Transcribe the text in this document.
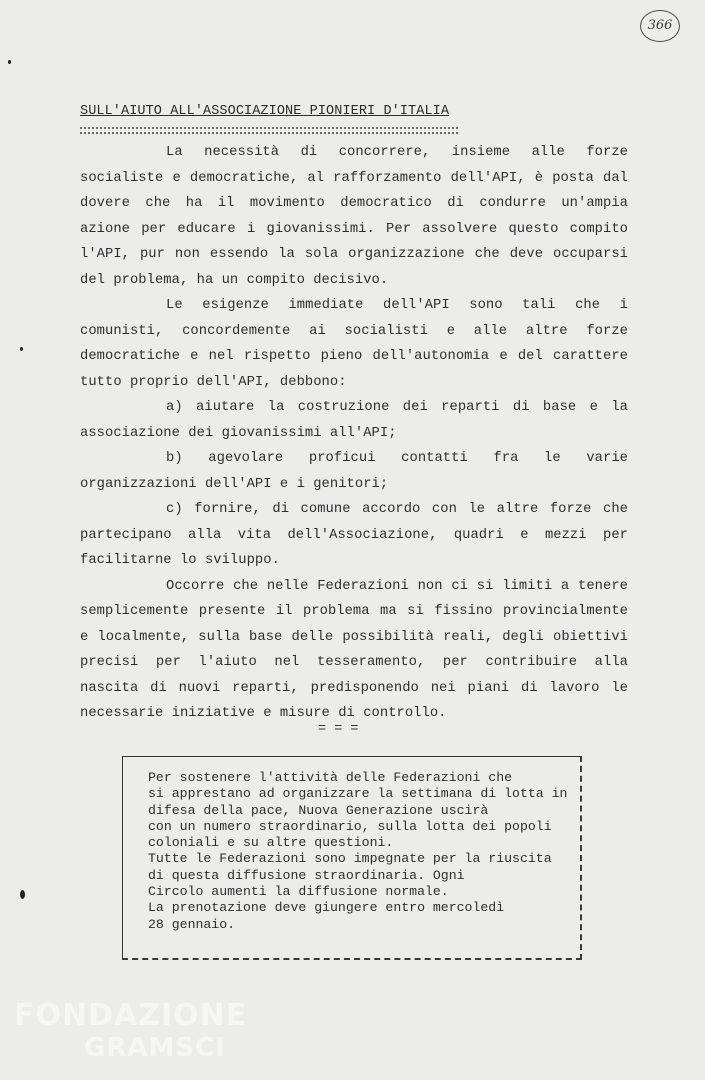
366
SULL'AIUTO ALL'ASSOCIAZIONE PIONIERI D'ITALIA

La necessità di concorrere, insieme alle forze socialiste e democratiche, al rafforzamento dell'API, è posta dal dovere che ha il movimento democratico di condurre un'ampia azione per educare i giovanissimi. Per assolvere questo compito l'API, pur non essendo la sola organizzazione che deve occuparsi del problema, ha un compito decisivo.

Le esigenze immediate dell'API sono tali che i comunisti, concordemente ai socialisti e alle altre forze democratiche e nel rispetto pieno dell'autonomia e del carattere tutto proprio dell'API, debbono:

a) aiutare la costruzione dei reparti di base e la associazione dei giovanissimi all'API;

b) agevolare proficui contatti fra le varie organizzazioni dell'API e i genitori;

c) fornire, di comune accordo con le altre forze che partecipano alla vita dell'Associazione, quadri e mezzi per facilitarne lo sviluppo.

Occorre che nelle Federazioni non ci si limiti a tenere semplicemente presente il problema ma si fissino provincialmente e localmente, sulla base delle possibilità reali, degli obiettivi precisi per l'aiuto nel tesseramento, per contribuire alla nascita di nuovi reparti, predisponendo nei piani di lavoro le necessarie iniziative e misure di controllo.

= = =
Per sostenere l'attività delle Federazioni che
si apprestano ad organizzare la settimana di lotta in difesa della pace, Nuova Generazione uscirà
con un numero straordinario, sulla lotta dei popoli coloniali e su altre questioni.
Tutte le Federazioni sono impegnate per la riuscita di questa diffusione straordinaria. Ogni
Circolo aumenti la diffusione normale.
La prenotazione deve giungere entro mercoledì
28 gennaio.
FONDAZIONE
GRAMSCI
